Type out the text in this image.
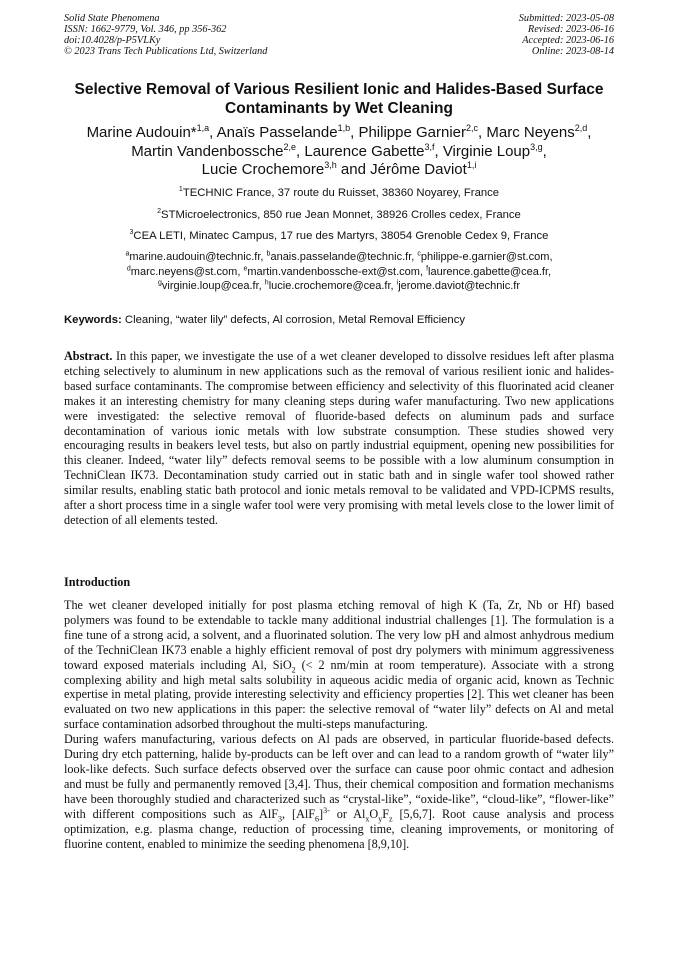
Solid State Phenomena
ISSN: 1662-9779, Vol. 346, pp 356-362
doi:10.4028/p-P5VLKy
© 2023 Trans Tech Publications Ltd, Switzerland
Submitted: 2023-05-08
Revised: 2023-06-16
Accepted: 2023-06-16
Online: 2023-08-14
Selective Removal of Various Resilient Ionic and Halides-Based Surface Contaminants by Wet Cleaning
Marine Audouin*$^{1,a}$, Anaïs Passelande$^{1,b}$, Philippe Garnier$^{2,c}$, Marc Neyens$^{2,d}$,
Martin Vandenbossche$^{2,e}$, Laurence Gabette$^{3,f}$, Virginie Loup$^{3,g}$,
Lucie Crochemore$^{3,h}$ and Jérôme Daviot$^{1,i}$
$^1$TECHNIC France, 37 route du Ruisset, 38360 Noyarey, France
$^2$STMicroelectronics, 850 rue Jean Monnet, 38926 Crolles cedex, France
$^3$CEA LETI, Minatec Campus, 17 rue des Martyrs, 38054 Grenoble Cedex 9, France
$^a$marine.audouin@technic.fr, $^b$anais.passelande@technic.fr, $^c$philippe-e.garnier@st.com,
$^d$marc.neyens@st.com, $^e$martin.vandenbossche-ext@st.com, $^f$laurence.gabette@cea.fr,
$^g$virginie.loup@cea.fr, $^h$lucie.crochemore@cea.fr, $^i$jerome.daviot@technic.fr
Keywords: Cleaning, “water lily” defects, Al corrosion, Metal Removal Efficiency

Abstract. In this paper, we investigate the use of a wet cleaner developed to dissolve residues left after plasma etching selectively to aluminum in new applications such as the removal of various resilient ionic and halides-based surface contaminants. The compromise between efficiency and selectivity of this fluorinated acid cleaner makes it an interesting chemistry for many cleaning steps during wafer manufacturing. Two new applications were investigated: the selective removal of fluoride-based defects on aluminum pads and surface decontamination of various ionic metals with low substrate consumption. These studies showed very encouraging results in beakers level tests, but also on partly industrial equipment, opening new possibilities for this cleaner. Indeed, “water lily” defects removal seems to be possible with a low aluminum consumption in TechniClean IK73. Decontamination study carried out in static bath and in single wafer tool showed rather similar results, enabling static bath protocol and ionic metals removal to be validated and VPD-ICPMS results, after a short process time in a single wafer tool were very promising with metal levels close to the lower limit of detection of all elements tested.

Introduction

The wet cleaner developed initially for post plasma etching removal of high K (Ta, Zr, Nb or Hf) based polymers was found to be extendable to tackle many additional industrial challenges [1]. The formulation is a fine tune of a strong acid, a solvent, and a fluorinated solution. The very low pH and almost anhydrous medium of the TechniClean IK73 enable a highly efficient removal of post dry polymers with minimum aggressiveness toward exposed materials including Al, SiO$_2$ (< 2 nm/min at room temperature). Associate with a strong complexing ability and high metal salts solubility in aqueous acidic media of organic acid, known as Technic expertise in metal plating, provide interesting selectivity and efficiency properties [2]. This wet cleaner has been evaluated on two new applications in this paper: the selective removal of “water lily” defects on Al and metal surface contamination adsorbed throughout the multi-steps manufacturing.

During wafers manufacturing, various defects on Al pads are observed, in particular fluoride-based defects. During dry etch patterning, halide by-products can be left over and can lead to a random growth of “water lily” look-like defects. Such surface defects observed over the surface can cause poor ohmic contact and adhesion and must be fully and permanently removed [3,4]. Thus, their chemical composition and formation mechanisms have been thoroughly studied and characterized such as “crystal-like”, “oxide-like”, “cloud-like”, “flower-like” with different compositions such as AlF$_3$, $[AlF_6]^{3-}$ or $Al_xO_yF_z$ [5,6,7]. Root cause analysis and process optimization, e.g. plasma change, reduction of processing time, cleaning improvements, or monitoring of fluorine content, enabled to minimize the seeding phenomena [8,9,10].
